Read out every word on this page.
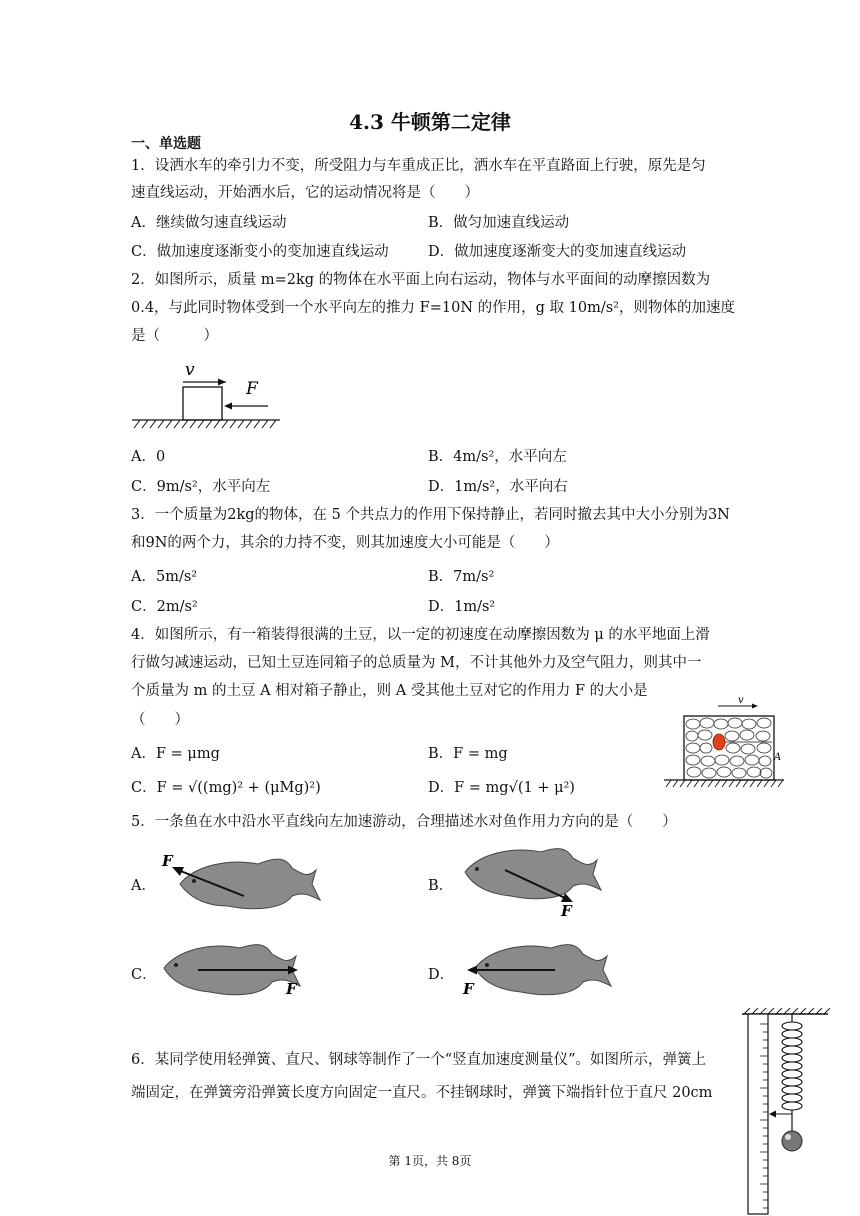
4.3 牛顿第二定律
一、单选题
1．设洒水车的牵引力不变，所受阻力与车重成正比，洒水车在平直路面上行驶，原先是匀
速直线运动，开始洒水后，它的运动情况将是（　　）
A．继续做匀速直线运动	B．做匀加速直线运动
C．做加速度逐渐变小的变加速直线运动	D．做加速度逐渐变大的变加速直线运动
2．如图所示，质量 m=2kg 的物体在水平面上向右运动，物体与水平面间的动摩擦因数为
0.4，与此同时物体受到一个水平向左的推力 F=10N 的作用，g 取 10m/s²，则物体的加速度
是（　　　）
v
F
A．0	B．4m/s²，水平向左
C．9m/s²，水平向左	D．1m/s²，水平向右
3．一个质量为2kg的物体，在 5 个共点力的作用下保持静止，若同时撤去其中大小分别为3N
和9N的两个力，其余的力持不变，则其加速度大小可能是（　　）
A．5m/s²	B．7m/s²
C．2m/s²	D．1m/s²
4．如图所示，有一箱装得很满的土豆，以一定的初速度在动摩擦因数为 μ 的水平地面上滑
行做匀减速运动，已知土豆连同箱子的总质量为 M，不计其他外力及空气阻力，则其中一
个质量为 m 的土豆 A 相对箱子静止，则 A 受其他土豆对它的作用力 F 的大小是
（　　）
A．F = μmg	B．F = mg
C．F = √((mg)² + (μMg)²)	D．F = mg√(1 + μ²)
v
A
5．一条鱼在水中沿水平直线向左加速游动，合理描述水对鱼作用力方向的是（　　）
A．	B．
C．	D．
F
F
F	F
6．某同学使用轻弹簧、直尺、钢球等制作了一个“竖直加速度测量仪”。如图所示，弹簧上
端固定，在弹簧旁沿弹簧长度方向固定一直尺。不挂钢球时，弹簧下端指针位于直尺 20cm
第 1页，共 8页
